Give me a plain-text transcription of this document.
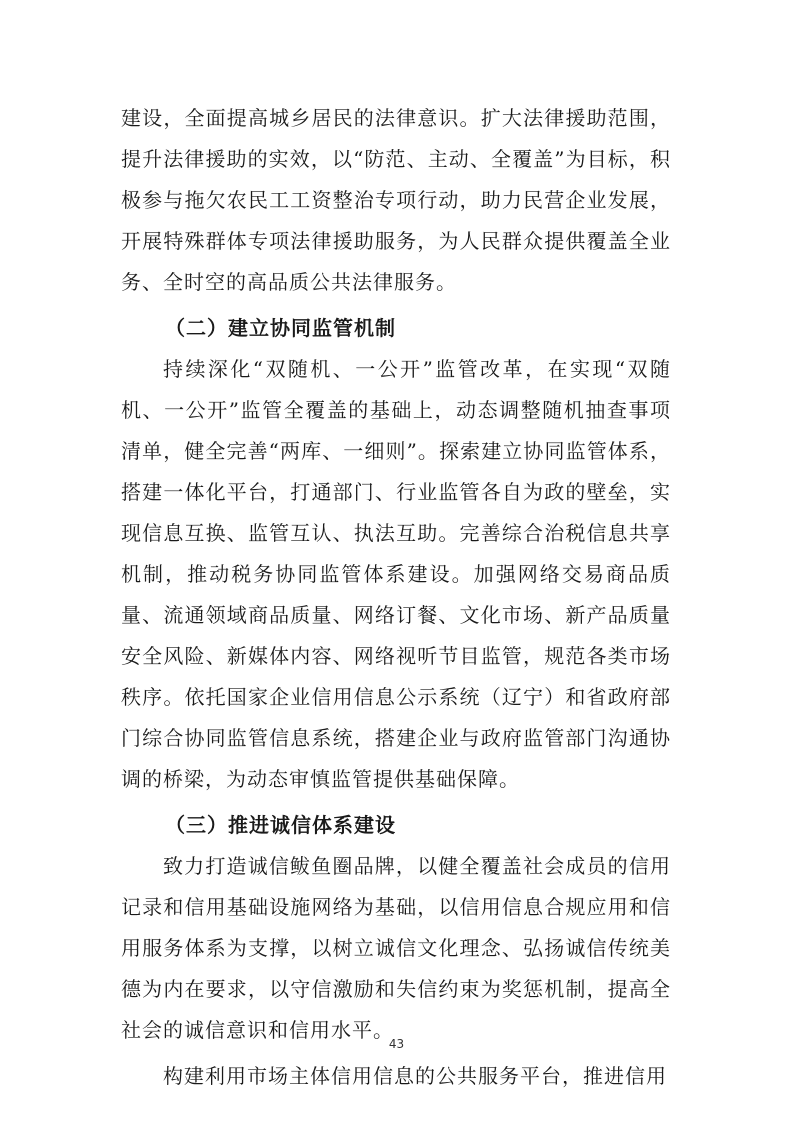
建设，全面提高城乡居民的法律意识。扩大法律援助范围，提升法律援助的实效，以“防范、主动、全覆盖”为目标，积极参与拖欠农民工工资整治专项行动，助力民营企业发展，开展特殊群体专项法律援助服务，为人民群众提供覆盖全业务、全时空的高品质公共法律服务。

（二）建立协同监管机制

持续深化“双随机、一公开”监管改革，在实现“双随机、一公开”监管全覆盖的基础上，动态调整随机抽查事项清单，健全完善“两库、一细则”。探索建立协同监管体系，搭建一体化平台，打通部门、行业监管各自为政的壁垒，实现信息互换、监管互认、执法互助。完善综合治税信息共享机制，推动税务协同监管体系建设。加强网络交易商品质量、流通领域商品质量、网络订餐、文化市场、新产品质量安全风险、新媒体内容、网络视听节目监管，规范各类市场秩序。依托国家企业信用信息公示系统（辽宁）和省政府部门综合协同监管信息系统，搭建企业与政府监管部门沟通协调的桥梁，为动态审慎监管提供基础保障。

（三）推进诚信体系建设

致力打造诚信鲅鱼圈品牌，以健全覆盖社会成员的信用记录和信用基础设施网络为基础，以信用信息合规应用和信用服务体系为支撑，以树立诚信文化理念、弘扬诚信传统美德为内在要求，以守信激励和失信约束为奖惩机制，提高全社会的诚信意识和信用水平。

构建利用市场主体信用信息的公共服务平台，推进信用

43
